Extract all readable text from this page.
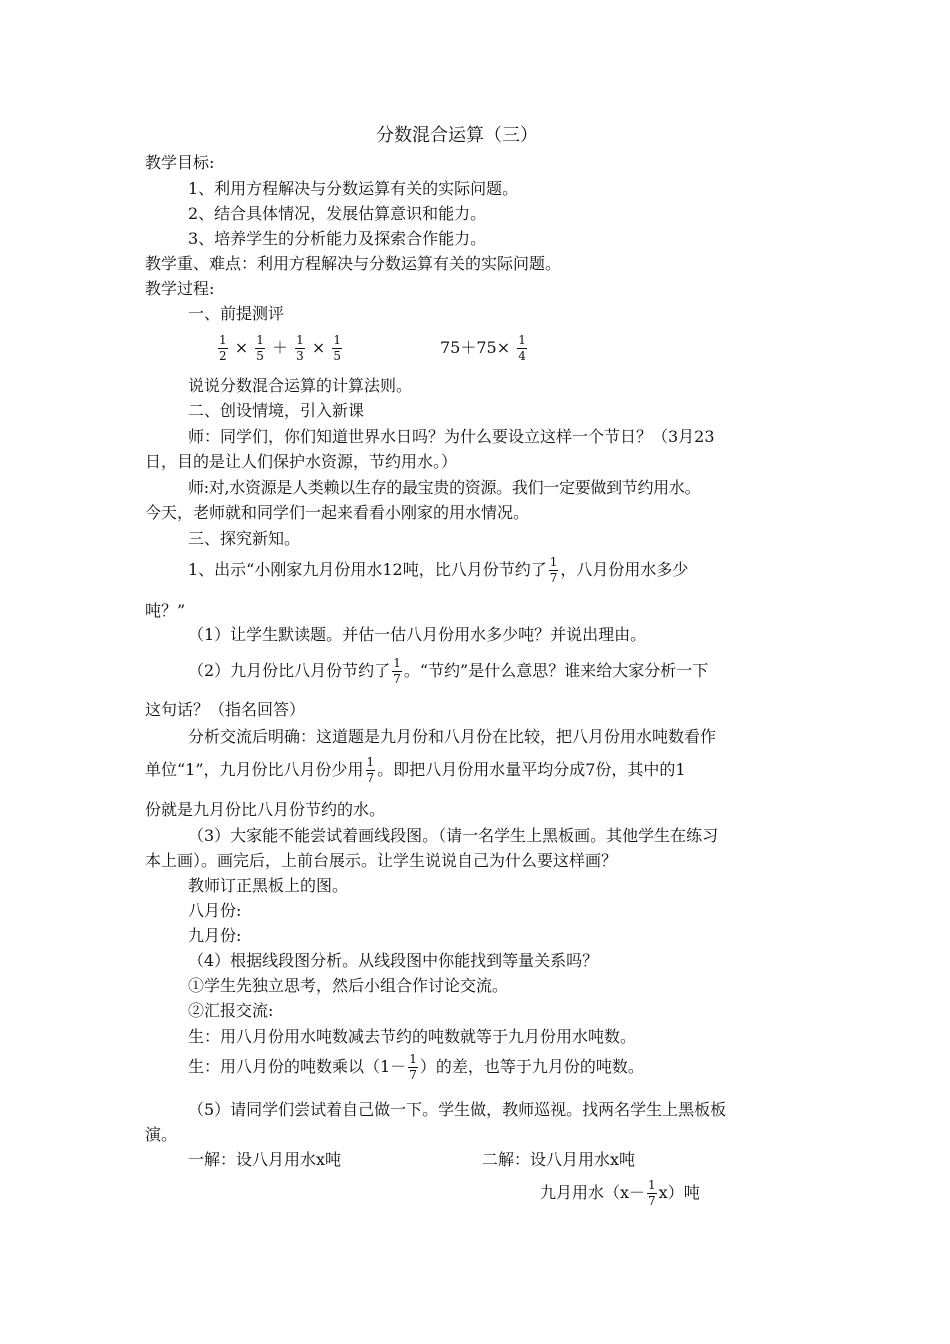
分数混合运算（三）
教学目标:
1、利用方程解决与分数运算有关的实际问题。
2、结合具体情况，发展估算意识和能力。
3、培养学生的分析能力及探索合作能力。
教学重、难点：利用方程解决与分数运算有关的实际问题。
教学过程:
一、前提测评
$\frac{1}{2} \times \frac{1}{5} + \frac{1}{3} \times \frac{1}{5}$	$75+75\times \frac{1}{4}$
说说分数混合运算的计算法则。
二、创设情境，引入新课
师：同学们，你们知道世界水日吗？为什么要设立这样一个节日？（3月23
日，目的是让人们保护水资源，节约用水。）
师:对,水资源是人类赖以生存的最宝贵的资源。我们一定要做到节约用水。
今天，老师就和同学们一起来看看小刚家的用水情况。
三、探究新知。
1、出示“小刚家九月份用水12吨，比八月份节约了 $\frac{1}{7}$ ，八月份用水多少
吨？”
（1）让学生默读题。并估一估八月份用水多少吨？并说出理由。
（2）九月份比八月份节约了 $\frac{1}{7}$ 。“节约”是什么意思？谁来给大家分析一下
这句话？（指名回答）
分析交流后明确：这道题是九月份和八月份在比较，把八月份用水吨数看作
单位“1”，九月份比八月份少用 $\frac{1}{7}$ 。即把八月份用水量平均分成7份，其中的1
份就是九月份比八月份节约的水。
（3）大家能不能尝试着画线段图。（请一名学生上黑板画。其他学生在练习
本上画）。画完后，上前台展示。让学生说说自己为什么要这样画？
教师订正黑板上的图。
八月份:
九月份:
（4）根据线段图分析。从线段图中你能找到等量关系吗？
①学生先独立思考，然后小组合作讨论交流。
②汇报交流:
生：用八月份用水吨数减去节约的吨数就等于九月份用水吨数。
生：用八月份的吨数乘以（$1- \frac{1}{7}$ ）的差，也等于九月份的吨数。
（5）请同学们尝试着自己做一下。学生做，教师巡视。找两名学生上黑板板
演。
一解：设八月用水x吨	二解：设八月用水x吨
九月用水$(x- \frac{1}{7} x)$吨
